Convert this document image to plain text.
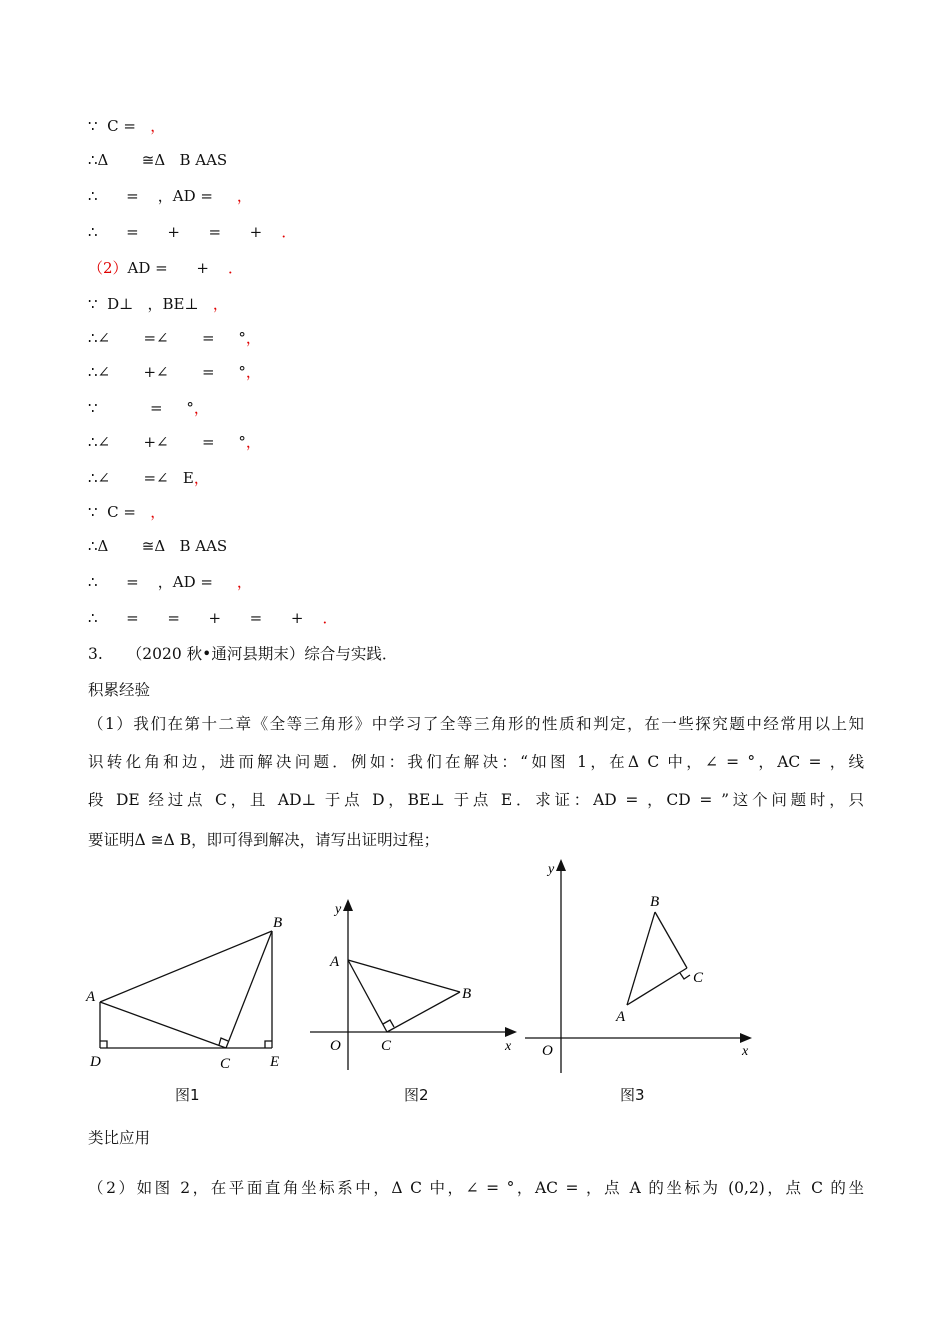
∵  C =   ，
∴Δ       ≅Δ   B AAS
∴      =    ，AD =     ，
∴      =      +      =      +    ．
（2）AD =      +    ．
∵  D⊥   ，BE⊥   ，
∴∠       =∠       =     °，
∴∠       +∠       =     °，
∵           =     °，
∴∠       +∠       =     °，
∴∠       =∠   E，
∵  C =   ，
∴Δ       ≅Δ   B AAS
∴      =    ，AD =     ，
∴      =      =      +      =      +    ．
3. （2020 秋•通河县期末）综合与实践．
积累经验
（1）我们在第十二章《全等三角形》中学习了全等三角形的性质和判定，在一些探究题中经常用以上知
识转化角和边，进而解决问题．例如：我们在解决：“如图 1，在Δ C 中，∠ = °，AC = ，线
段 DE 经过点 C，且 AD⊥ 于点 D，BE⊥ 于点 E．求证：AD = ，CD = ”这个问题时，只
要证明Δ ≅Δ B，即可得到解决，请写出证明过程；
A
B
C
D	E
图1
y
x
A
B
C
O
图2
y
x
A
B
C
O
图3
类比应用
（2）如图 2，在平面直角坐标系中，Δ C 中，∠ = °，AC = ，点 A 的坐标为 (0,2)，点 C 的坐
